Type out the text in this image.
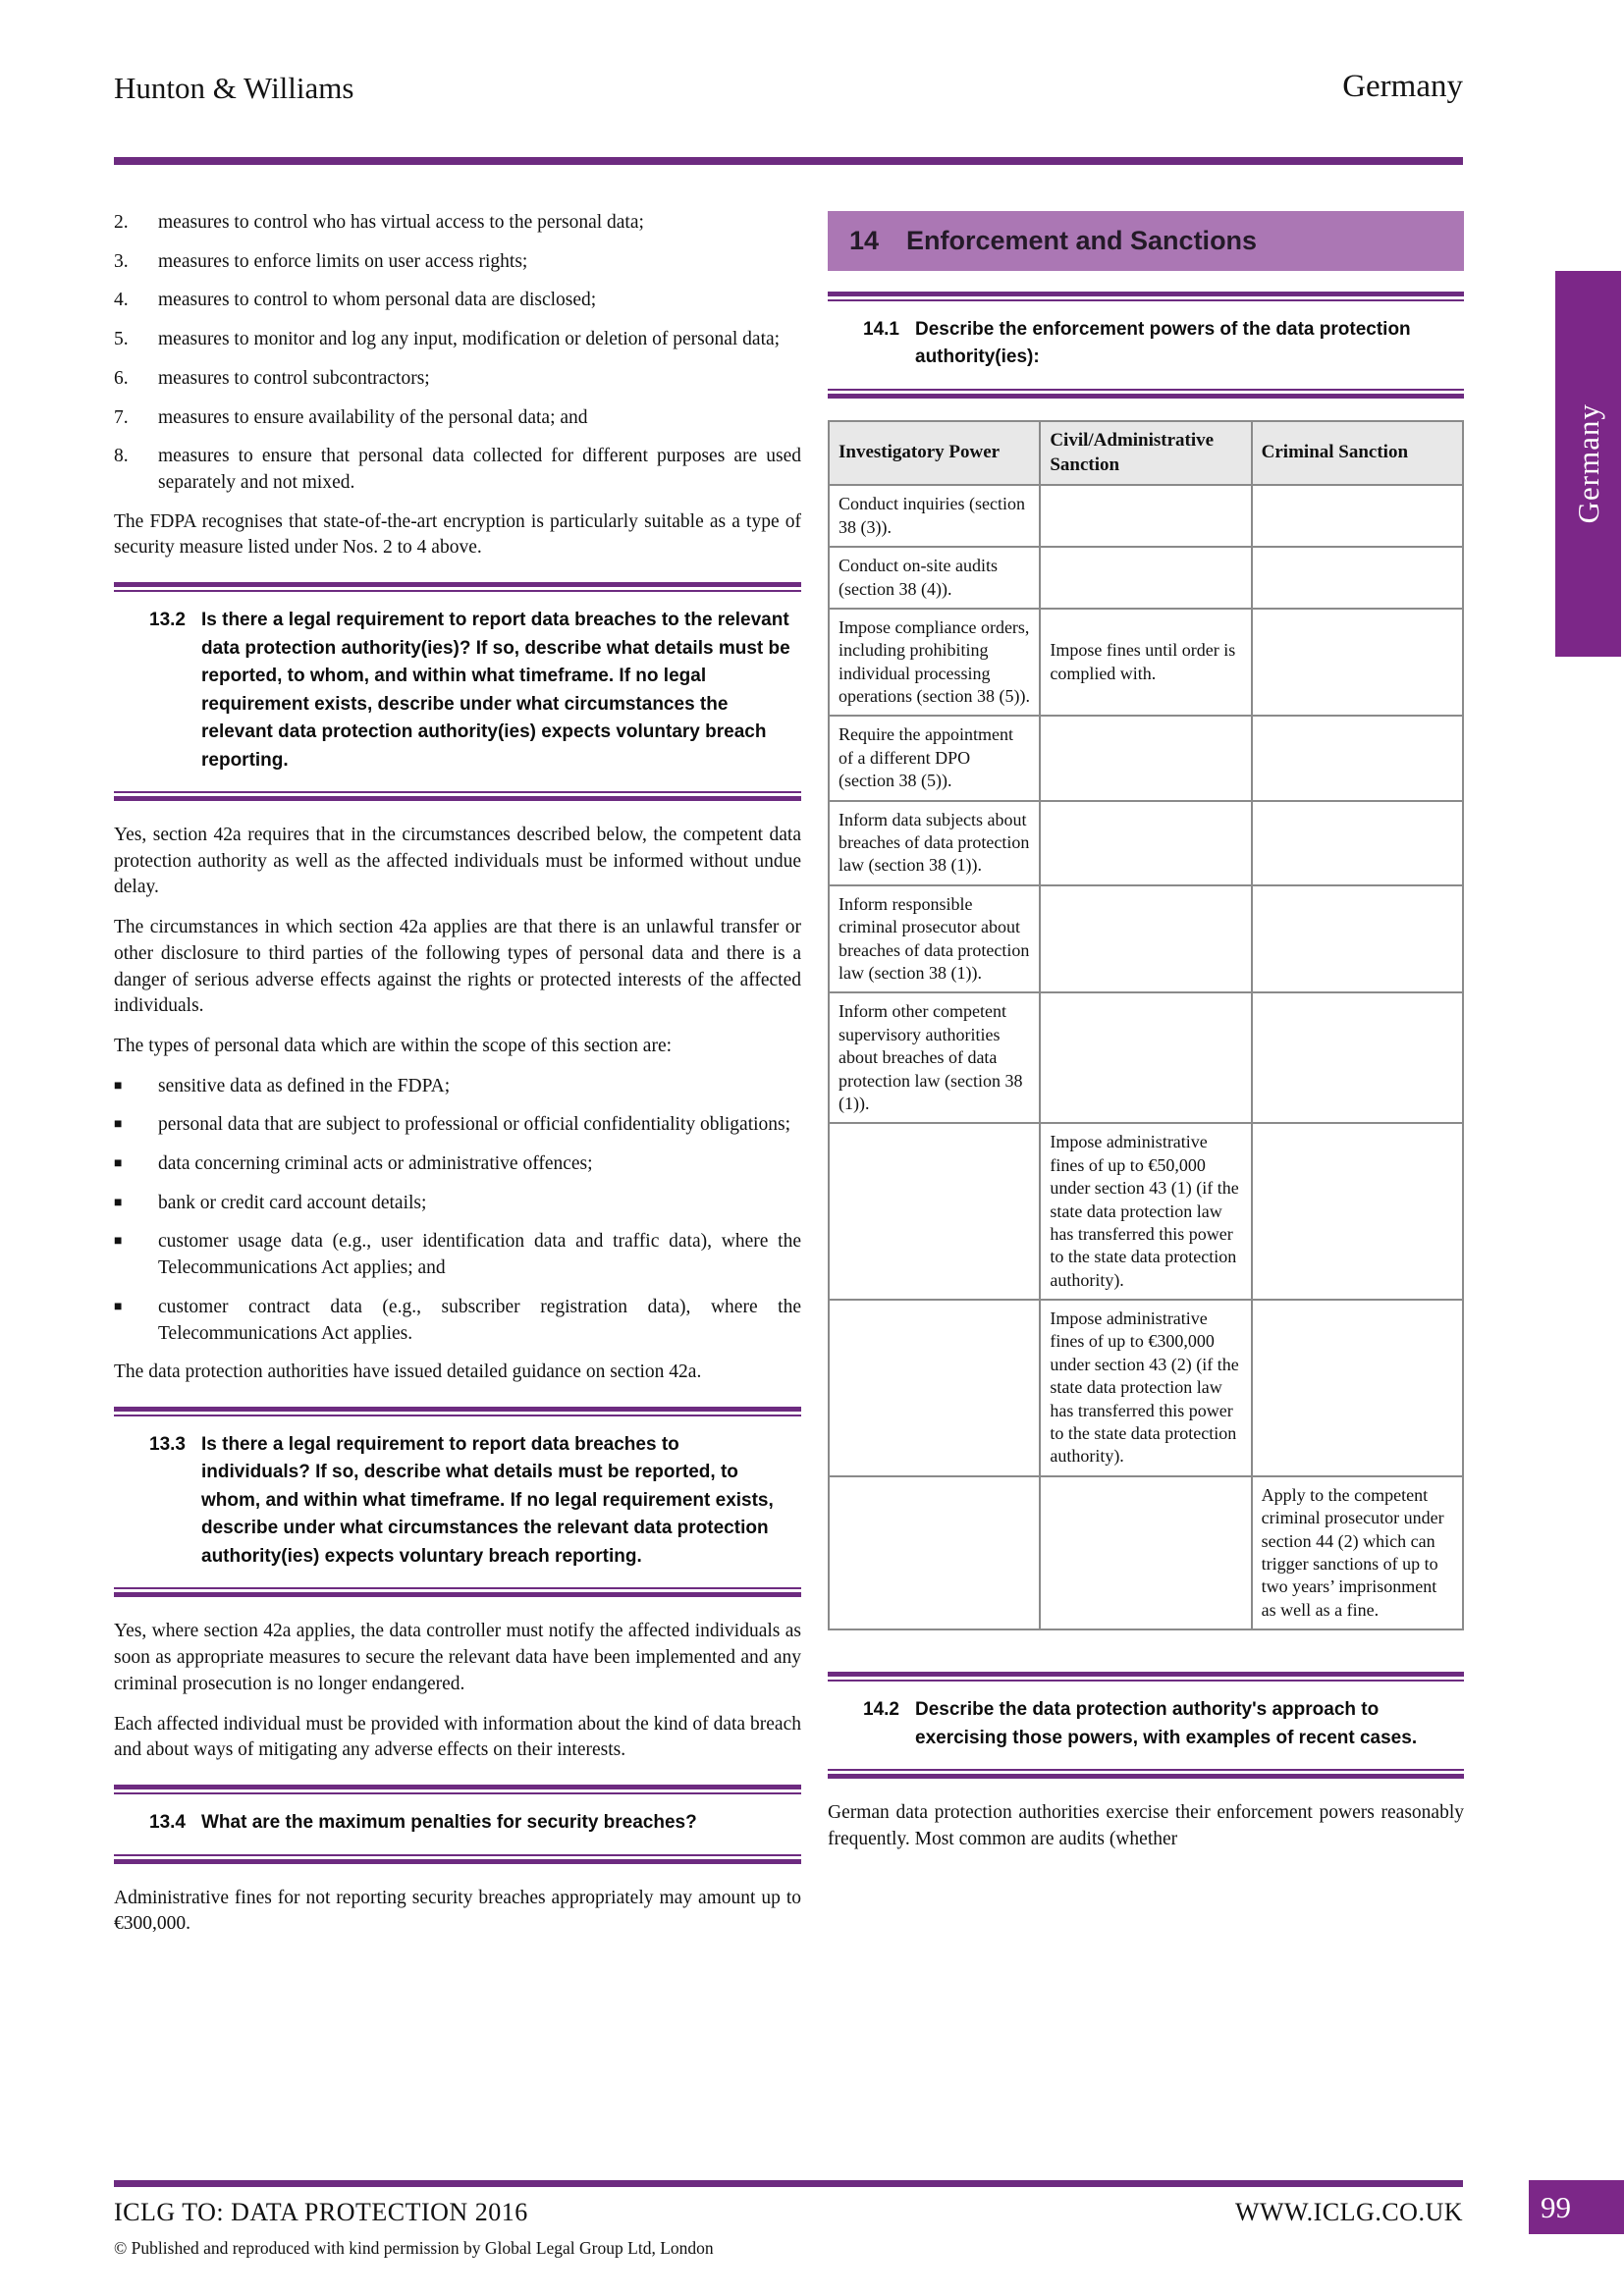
Hunton & Williams	Germany
Germany
2.	measures to control who has virtual access to the personal data;
3.	measures to enforce limits on user access rights;
4.	measures to control to whom personal data are disclosed;
5.	measures to monitor and log any input, modification or deletion of personal data;
6.	measures to control subcontractors;
7.	measures to ensure availability of the personal data; and
8.	measures to ensure that personal data collected for different purposes are used separately and not mixed.

The FDPA recognises that state-of-the-art encryption is particularly suitable as a type of security measure listed under Nos. 2 to 4 above.

13.2 Is there a legal requirement to report data breaches to the relevant data protection authority(ies)? If so, describe what details must be reported, to whom, and within what timeframe. If no legal requirement exists, describe under what circumstances the relevant data protection authority(ies) expects voluntary breach reporting.

Yes, section 42a requires that in the circumstances described below, the competent data protection authority as well as the affected individuals must be informed without undue delay.

The circumstances in which section 42a applies are that there is an unlawful transfer or other disclosure to third parties of the following types of personal data and there is a danger of serious adverse effects against the rights or protected interests of the affected individuals.

The types of personal data which are within the scope of this section are:

■	sensitive data as defined in the FDPA;
■	personal data that are subject to professional or official confidentiality obligations;
■	data concerning criminal acts or administrative offences;
■	bank or credit card account details;
■	customer usage data (e.g., user identification data and traffic data), where the Telecommunications Act applies; and
■	customer contract data (e.g., subscriber registration data), where the Telecommunications Act applies.

The data protection authorities have issued detailed guidance on section 42a.

13.3 Is there a legal requirement to report data breaches to individuals? If so, describe what details must be reported, to whom, and within what timeframe. If no legal requirement exists, describe under what circumstances the relevant data protection authority(ies) expects voluntary breach reporting.

Yes, where section 42a applies, the data controller must notify the affected individuals as soon as appropriate measures to secure the relevant data have been implemented and any criminal prosecution is no longer endangered.

Each affected individual must be provided with information about the kind of data breach and about ways of mitigating any adverse effects on their interests.

13.4 What are the maximum penalties for security breaches?

Administrative fines for not reporting security breaches appropriately may amount up to €300,000.

14	Enforcement and Sanctions
14.1 Describe the enforcement powers of the data protection authority(ies):
Investigatory Power	Civil/Administrative Sanction	Criminal Sanction
Conduct inquiries (section 38 (3)).		
Conduct on-site audits (section 38 (4)).		
Impose compliance orders, including prohibiting individual processing operations (section 38 (5)).	Impose fines until order is complied with.	
Require the appointment of a different DPO (section 38 (5)).		
Inform data subjects about breaches of data protection law (section 38 (1)).		
Inform responsible criminal prosecutor about breaches of data protection law (section 38 (1)).		
Inform other competent supervisory authorities about breaches of data protection law (section 38 (1)).		
	Impose administrative fines of up to €50,000 under section 43 (1) (if the state data protection law has transferred this power to the state data protection authority).	
	Impose administrative fines of up to €300,000 under section 43 (2) (if the state data protection law has transferred this power to the state data protection authority).	
		Apply to the competent criminal prosecutor under section 44 (2) which can trigger sanctions of up to two years’ imprisonment as well as a fine.
14.2 Describe the data protection authority's approach to exercising those powers, with examples of recent cases.

German data protection authorities exercise their enforcement powers reasonably frequently. Most common are audits (whether

ICLG TO: DATA PROTECTION 2016	WWW.ICLG.CO.UK
© Published and reproduced with kind permission by Global Legal Group Ltd, London
99
